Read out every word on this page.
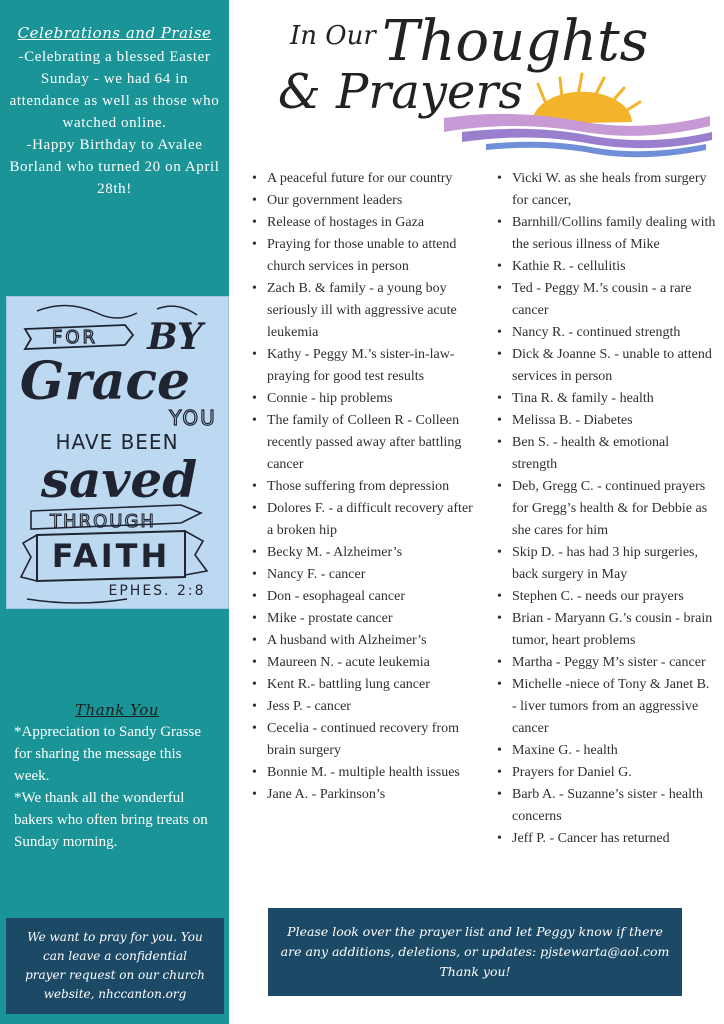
Celebrations and Praise

-Celebrating a blessed Easter Sunday - we had 64 in attendance as well as those who watched online.
-Happy Birthday to Avalee Borland who turned 20 on April 28th!

FOR BY
Grace
YOU
HAVE BEEN
saved
THROUGH
FAITH
EPHES. 2:8
Thank You

*Appreciation to Sandy Grasse for sharing the message this week.
*We thank all the wonderful bakers who often bring treats on Sunday morning.

We want to pray for you. You can leave a confidential prayer request on our church website, nhccanton.org

In Our Thoughts
& Prayers
• A peaceful future for our country
• Our government leaders
• Release of hostages in Gaza
• Praying for those unable to attend church services in person
• Zach B. & family - a young boy seriously ill with aggressive acute leukemia
• Kathy - Peggy M.’s sister-in-law-praying for good test results
• Connie - hip problems
• The family of Colleen R - Colleen recently passed away after battling cancer
• Those suffering from depression
• Dolores F. - a difficult recovery after a broken hip
• Becky M. - Alzheimer’s
• Nancy F. - cancer
• Don - esophageal cancer
• Mike - prostate cancer
• A husband with Alzheimer’s
• Maureen N. - acute leukemia
• Kent R.- battling lung cancer
• Jess P. - cancer
• Cecelia - continued recovery from brain surgery
• Bonnie M. - multiple health issues
• Jane A. - Parkinson’s
• Vicki W. as she heals from surgery for cancer,
• Barnhill/Collins family dealing with the serious illness of Mike
• Kathie R. - cellulitis
• Ted - Peggy M.’s cousin - a rare cancer
• Nancy R. - continued strength
• Dick & Joanne S. - unable to attend services in person
• Tina R. & family - health
• Melissa B. - Diabetes
• Ben S. - health & emotional strength
• Deb, Gregg C. - continued prayers for Gregg’s health & for Debbie as she cares for him
• Skip D. - has had 3 hip surgeries, back surgery in May
• Stephen C. - needs our prayers
• Brian - Maryann G.’s cousin - brain tumor, heart problems
• Martha - Peggy M’s sister - cancer
• Michelle -niece of Tony & Janet B. - liver tumors from an aggressive cancer
• Maxine G. - health
• Prayers for Daniel G.
• Barb A. - Suzanne’s sister - health concerns
• Jeff P. - Cancer has returned

Please look over the prayer list and let Peggy know if there are any additions, deletions, or updates: pjstewarta@aol.com
Thank you!
